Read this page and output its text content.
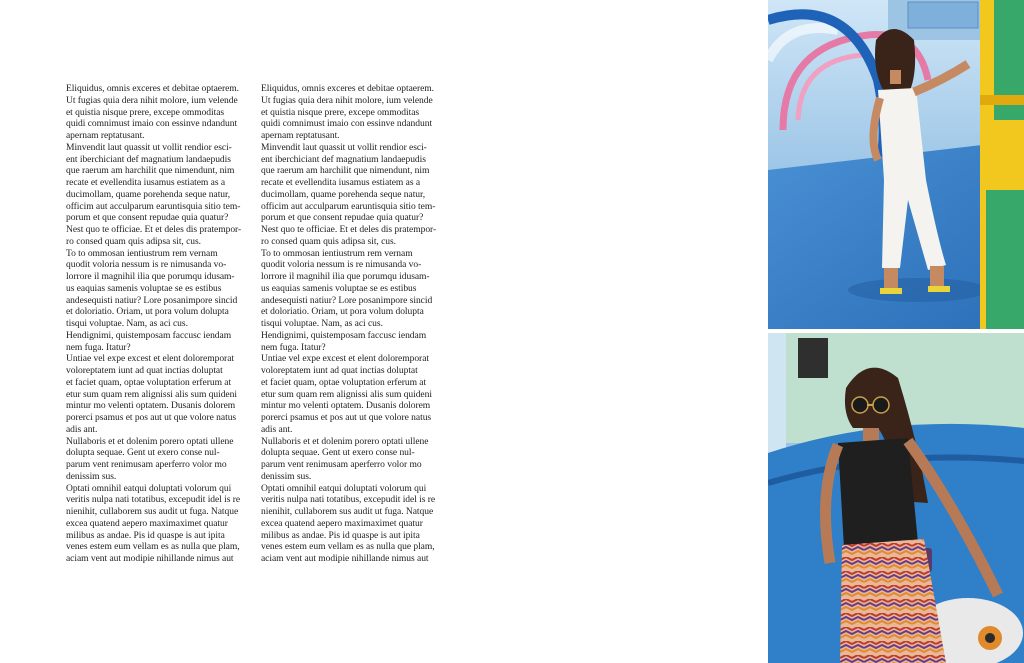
Eliquidus, omnis exceres et debitae optaerem.
Ut fugias quia dera nihit molore, ium velende
et quistia nisque prere, excepe ommoditas
quidi comnimust imaio con essinve ndandunt
apernam reptatusant.
Minvendit laut quassit ut vollit rendior esci-
ent iberchiciant def magnatium landaepudis
que raerum am harchilit que nimendunt, nim
recate et evellendita iusamus estiatem as a
ducimollam, quame porehenda seque natur,
officim aut acculparum earuntisquia sitio tem-
porum et que consent repudae quia quatur?
Nest quo te officiae. Et et deles dis pratempor-
ro consed quam quis adipsa sit, cus.
To to ommosan ientiustrum rem vernam
quodit voloria nessum is re nimusanda vo-
lorrore il magnihil ilia que porumqu idusam-
us eaquias samenis voluptae se es estibus
andesequisti natiur? Lore posanimpore sincid
et doloriatio. Oriam, ut pora volum dolupta
tisqui voluptae. Nam, as aci cus.
Hendignimi, quistemposam faccusc iendam
nem fuga. Itatur?
Untiae vel expe excest et elent doloremporat
voloreptatem iunt ad quat inctias doluptat
et faciet quam, optae voluptation erferum at
etur sum quam rem alignissi alis sum quideni
mintur mo velenti optatem. Dusanis dolorem
porerci psamus et pos aut ut que volore natus
adis ant.
Nullaboris et et dolenim porero optati ullene
dolupta sequae. Gent ut exero conse nul-
parum vent renimusam aperferro volor mo
denissim sus.
Optati omnihil eatqui doluptati volorum qui
veritis nulpa nati totatibus, excepudit idel is re
nienihit, cullaborem sus audit ut fuga. Natque
excea quatend aepero maximaximet quatur
milibus as andae. Pis id quaspe is aut ipita
venes estem eum vellam es as nulla que plam,
aciam vent aut modipie nihillande nimus aut
Eliquidus, omnis exceres et debitae optaerem.
Ut fugias quia dera nihit molore, ium velende
et quistia nisque prere, excepe ommoditas
quidi comnimust imaio con essinve ndandunt
apernam reptatusant.
Minvendit laut quassit ut vollit rendior esci-
ent iberchiciant def magnatium landaepudis
que raerum am harchilit que nimendunt, nim
recate et evellendita iusamus estiatem as a
ducimollam, quame porehenda seque natur,
officim aut acculparum earuntisquia sitio tem-
porum et que consent repudae quia quatur?
Nest quo te officiae. Et et deles dis pratempor-
ro consed quam quis adipsa sit, cus.
To to ommosan ientiustrum rem vernam
quodit voloria nessum is re nimusanda vo-
lorrore il magnihil ilia que porumqu idusam-
us eaquias samenis voluptae se es estibus
andesequisti natiur? Lore posanimpore sincid
et doloriatio. Oriam, ut pora volum dolupta
tisqui voluptae. Nam, as aci cus.
Hendignimi, quistemposam faccusc iendam
nem fuga. Itatur?
Untiae vel expe excest et elent doloremporat
voloreptatem iunt ad quat inctias doluptat
et faciet quam, optae voluptation erferum at
etur sum quam rem alignissi alis sum quideni
mintur mo velenti optatem. Dusanis dolorem
porerci psamus et pos aut ut que volore natus
adis ant.
Nullaboris et et dolenim porero optati ullene
dolupta sequae. Gent ut exero conse nul-
parum vent renimusam aperferro volor mo
denissim sus.
Optati omnihil eatqui doluptati volorum qui
veritis nulpa nati totatibus, excepudit idel is re
nienihit, cullaborem sus audit ut fuga. Natque
excea quatend aepero maximaximet quatur
milibus as andae. Pis id quaspe is aut ipita
venes estem eum vellam es as nulla que plam,
aciam vent aut modipie nihillande nimus aut
